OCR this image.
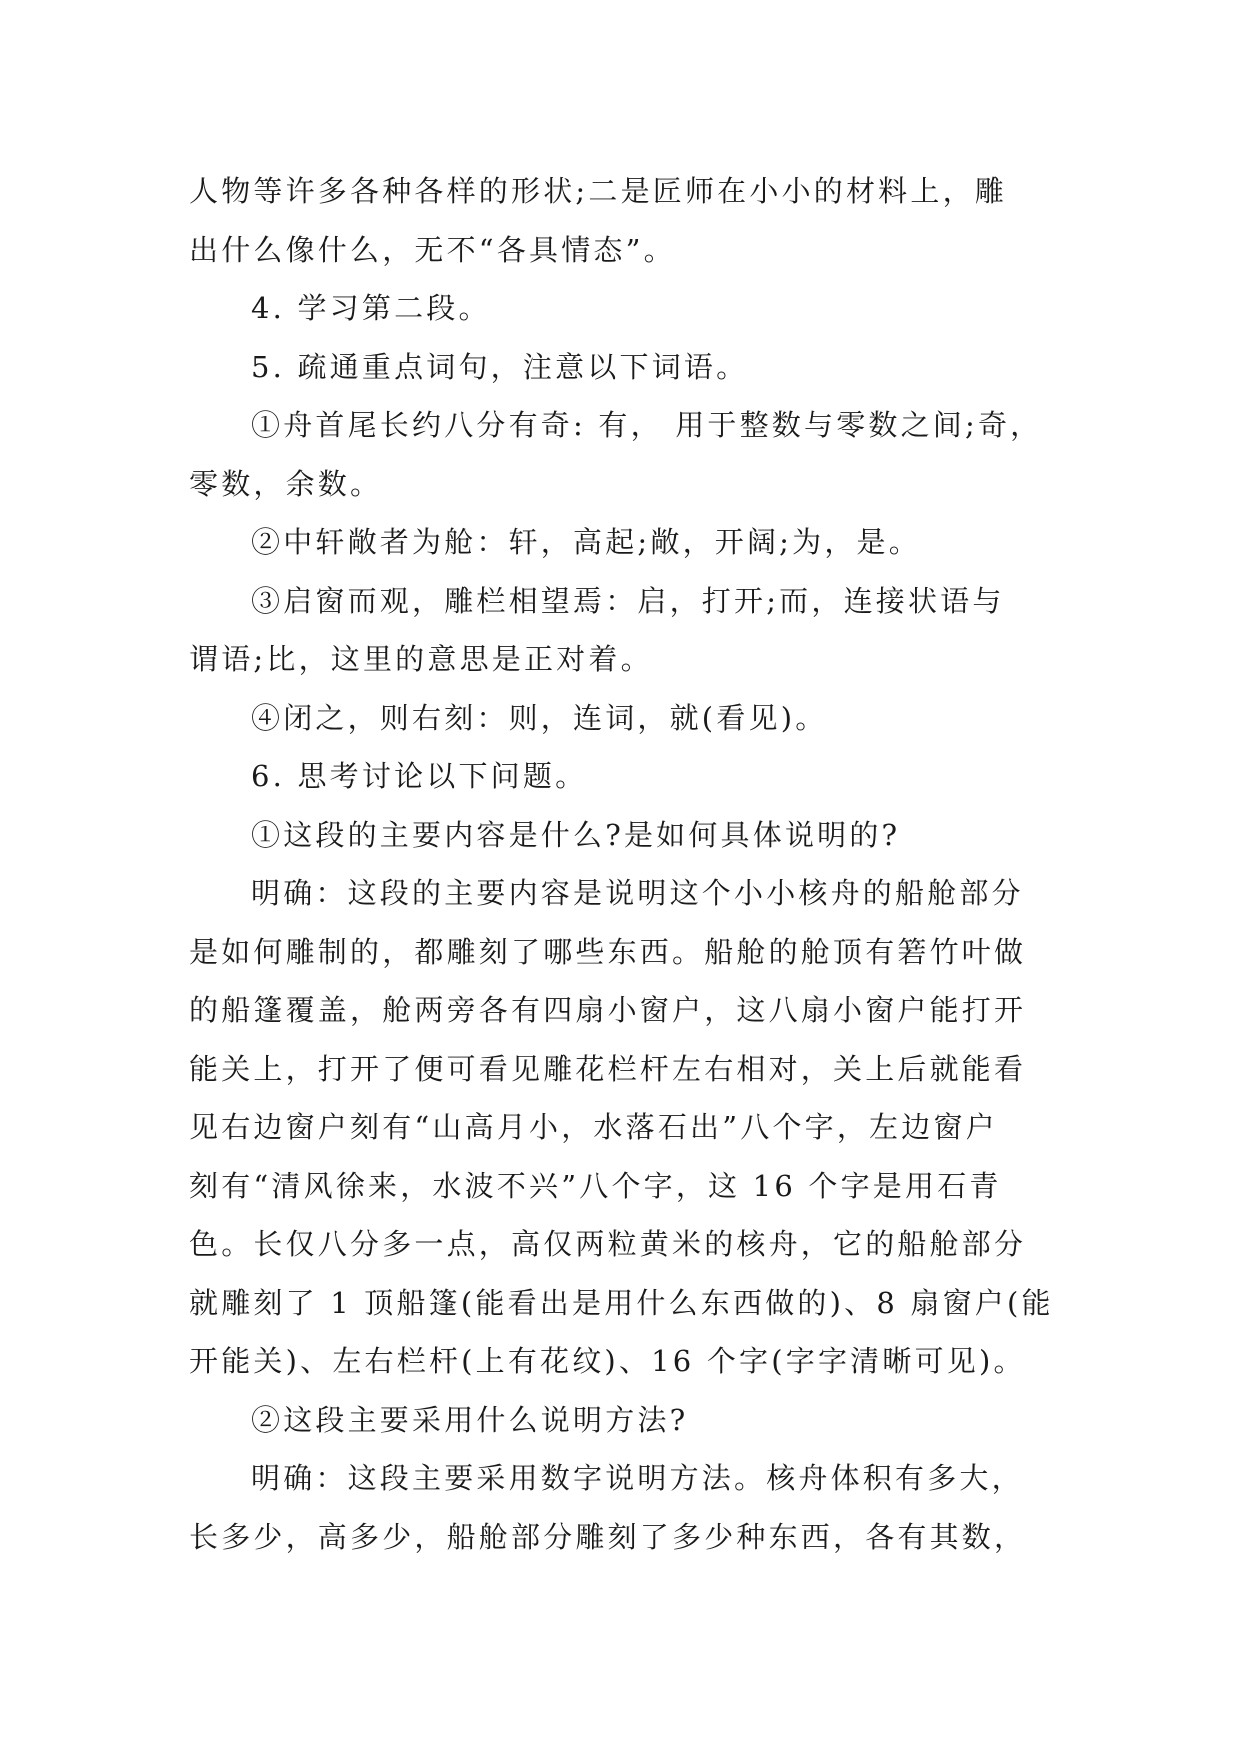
人物等许多各种各样的形状;二是匠师在小小的材料上，雕
出什么像什么，无不“各具情态”。
4. 学习第二段。
5. 疏通重点词句，注意以下词语。
①舟首尾长约八分有奇: 有， 用于整数与零数之间;奇，
零数，余数。
②中轩敞者为舱：轩，高起;敞，开阔;为，是。
③启窗而观，雕栏相望焉：启，打开;而，连接状语与
谓语;比，这里的意思是正对着。
④闭之，则右刻：则，连词，就(看见)。
6. 思考讨论以下问题。
①这段的主要内容是什么?是如何具体说明的?
明确：这段的主要内容是说明这个小小核舟的船舱部分
是如何雕制的，都雕刻了哪些东西。船舱的舱顶有箬竹叶做
的船篷覆盖，舱两旁各有四扇小窗户，这八扇小窗户能打开
能关上，打开了便可看见雕花栏杆左右相对，关上后就能看
见右边窗户刻有“山高月小，水落石出”八个字，左边窗户
刻有“清风徐来，水波不兴”八个字，这 16 个字是用石青
色。长仅八分多一点，高仅两粒黄米的核舟，它的船舱部分
就雕刻了 1 顶船篷(能看出是用什么东西做的)、8 扇窗户(能
开能关)、左右栏杆(上有花纹)、16 个字(字字清晰可见)。
②这段主要采用什么说明方法?
明确：这段主要采用数字说明方法。核舟体积有多大，
长多少，高多少，船舱部分雕刻了多少种东西，各有其数，
